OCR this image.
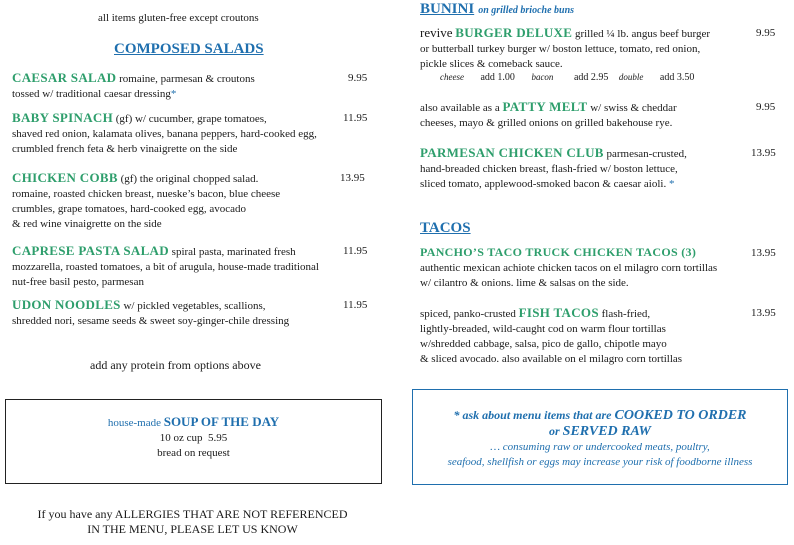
all items gluten-free except croutons
COMPOSED SALADS
CAESAR SALAD romaine, parmesan & croutons
tossed w/ traditional caesar dressing*
9.95
BABY SPINACH (gf) w/ cucumber, grape tomatoes,
shaved red onion, kalamata olives, banana peppers, hard-cooked egg,
crumbled french feta & herb vinaigrette on the side
11.95
CHICKEN COBB (gf) the original chopped salad.
romaine, roasted chicken breast, nueske’s bacon, blue cheese
crumbles, grape tomatoes, hard-cooked egg, avocado
& red wine vinaigrette on the side
13.95
CAPRESE PASTA SALAD spiral pasta, marinated fresh
mozzarella, roasted tomatoes, a bit of arugula, house-made traditional
nut-free basil pesto, parmesan
11.95
UDON NOODLES w/ pickled vegetables, scallions,
shredded nori, sesame seeds & sweet soy-ginger-chile dressing
11.95
add any protein from options above
house-made SOUP OF THE DAY
10 oz cup 5.95
bread on request
If you have any ALLERGIES THAT ARE NOT REFERENCED
IN THE MENU, PLEASE LET US KNOW
BUNINI on grilled brioche buns
revive BURGER DELUXE grilled ¼ lb. angus beef burger
or butterball turkey burger w/ boston lettuce, tomato, red onion,
pickle slices & comeback sauce.
9.95
cheese add 1.00 bacon add 2.95 double add 3.50
also available as a PATTY MELT w/ swiss & cheddar
cheeses, mayo & grilled onions on grilled bakehouse rye.
9.95
PARMESAN CHICKEN CLUB parmesan-crusted,
hand-breaded chicken breast, flash-fried w/ boston lettuce,
sliced tomato, applewood-smoked bacon & caesar aioli. *
13.95
TACOS
PANCHO’S TACO TRUCK CHICKEN TACOS (3)
authentic mexican achiote chicken tacos on el milagro corn tortillas
w/ cilantro & onions. lime & salsas on the side.
13.95
spiced, panko-crusted FISH TACOS flash-fried,
lightly-breaded, wild-caught cod on warm flour tortillas
w/shredded cabbage, salsa, pico de gallo, chipotle mayo
& sliced avocado. also available on el milagro corn tortillas
13.95
* ask about menu items that are COOKED TO ORDER
or SERVED RAW
… consuming raw or undercooked meats, poultry,
seafood, shellfish or eggs may increase your risk of foodborne illness
